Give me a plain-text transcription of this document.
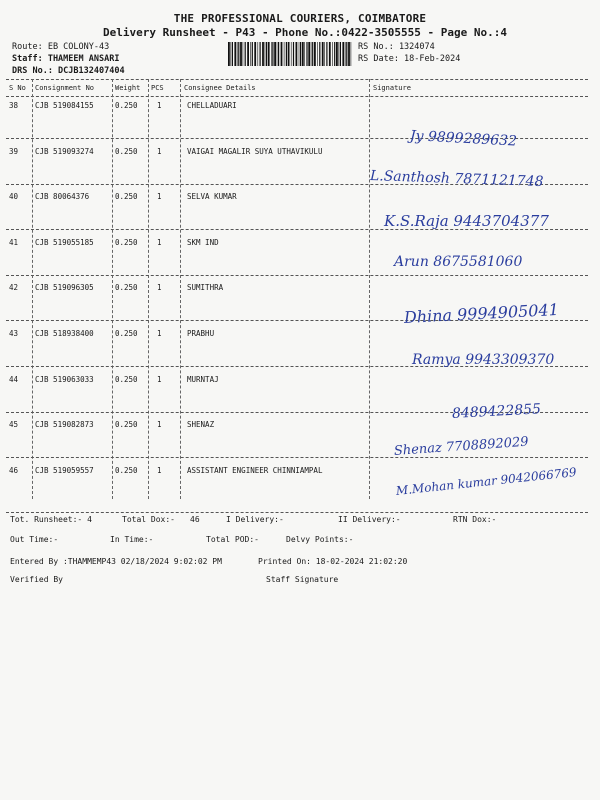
THE PROFESSIONAL COURIERS, COIMBATORE
Delivery Runsheet - P43 - Phone No.:0422-3505555 - Page No.:4
Route: EB COLONY-43
Staff: THAMEEM ANSARI
DRS No.: DCJB132407404
RS No.: 1324074
RS Date: 18-Feb-2024
S No Consignment No	Weight PCS	Consignee Details	Signature
38 CJB 519084155	0.250	1	CHELLADUARI
Jy 9899289632
39 CJB 519093274	0.250	1	VAIGAI MAGALIR SUYA UTHAVIKULU
L.Santhosh 7871121748
40 CJB 80064376	0.250	1	SELVA KUMAR
K.S.Raja 9443704377
41 CJB 519055185	0.250	1	SKM IND
Arun 8675581060
42 CJB 519096305	0.250	1	SUMITHRA
Dhina 9994905041
43 CJB 518938400	0.250	1	PRABHU
Ramya 9943309370
44 CJB 519063033	0.250	1	MURNTAJ
8489422855
45 CJB 519082873	0.250	1	SHENAZ
Shenaz 7708892029
46 CJB 519059557	0.250	1	ASSISTANT ENGINEER CHINNIAMPAL	M.Mohan kumar 9042066769
Tot. Runsheet:- 4	Total Dox:- 46	I Delivery:-	II Delivery:-	RTN Dox:-
Out Time:-	In Time:-	Total POD:-	Delvy Points:-
Entered By :THAMMEMP43 02/18/2024 9:02:02 PM	Printed On: 18-02-2024 21:02:20
Verified By	Staff Signature
